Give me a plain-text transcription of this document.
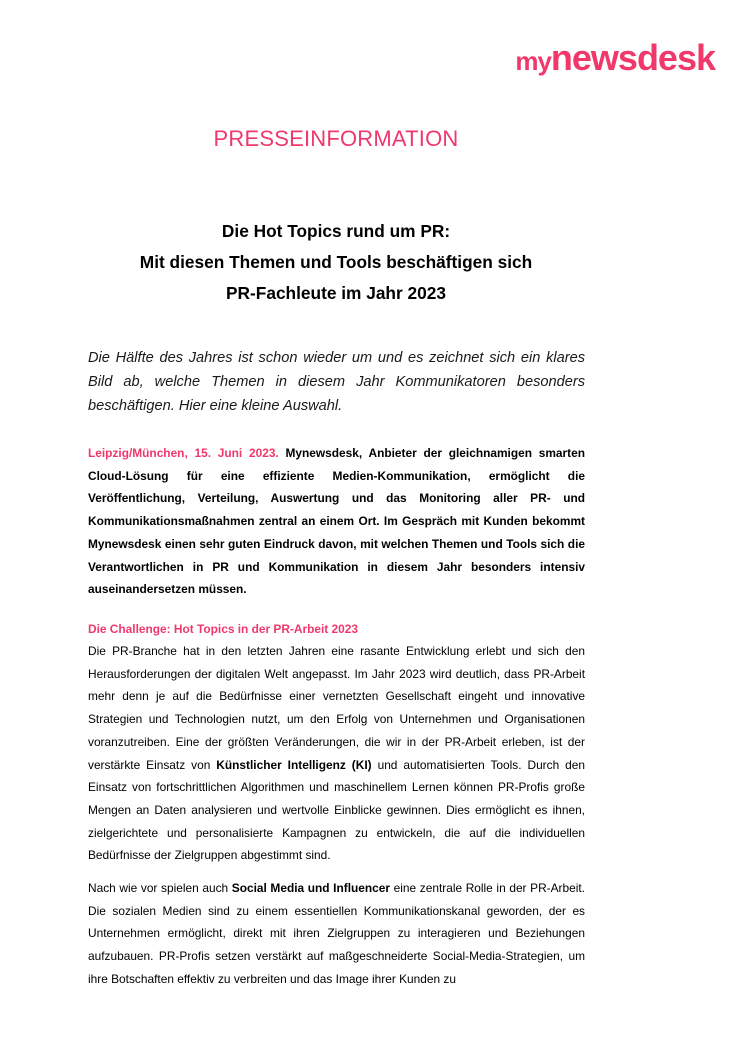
mynewsdesk
PRESSEINFORMATION
Die Hot Topics rund um PR:
Mit diesen Themen und Tools beschäftigen sich
PR-Fachleute im Jahr 2023
Die Hälfte des Jahres ist schon wieder um und es zeichnet sich ein klares Bild ab, welche Themen in diesem Jahr Kommunikatoren besonders beschäftigen. Hier eine kleine Auswahl.
Leipzig/München, 15. Juni 2023. Mynewsdesk, Anbieter der gleichnamigen smarten Cloud-Lösung für eine effiziente Medien-Kommunikation, ermöglicht die Veröffentlichung, Verteilung, Auswertung und das Monitoring aller PR- und Kommunikationsmaßnahmen zentral an einem Ort. Im Gespräch mit Kunden bekommt Mynewsdesk einen sehr guten Eindruck davon, mit welchen Themen und Tools sich die Verantwortlichen in PR und Kommunikation in diesem Jahr besonders intensiv auseinandersetzen müssen.
Die Challenge: Hot Topics in der PR-Arbeit 2023
Die PR-Branche hat in den letzten Jahren eine rasante Entwicklung erlebt und sich den Herausforderungen der digitalen Welt angepasst. Im Jahr 2023 wird deutlich, dass PR-Arbeit mehr denn je auf die Bedürfnisse einer vernetzten Gesellschaft eingeht und innovative Strategien und Technologien nutzt, um den Erfolg von Unternehmen und Organisationen voranzutreiben. Eine der größten Veränderungen, die wir in der PR-Arbeit erleben, ist der verstärkte Einsatz von Künstlicher Intelligenz (KI) und automatisierten Tools. Durch den Einsatz von fortschrittlichen Algorithmen und maschinellem Lernen können PR-Profis große Mengen an Daten analysieren und wertvolle Einblicke gewinnen. Dies ermöglicht es ihnen, zielgerichtete und personalisierte Kampagnen zu entwickeln, die auf die individuellen Bedürfnisse der Zielgruppen abgestimmt sind.
Nach wie vor spielen auch Social Media und Influencer eine zentrale Rolle in der PR-Arbeit. Die sozialen Medien sind zu einem essentiellen Kommunikationskanal geworden, der es Unternehmen ermöglicht, direkt mit ihren Zielgruppen zu interagieren und Beziehungen aufzubauen. PR-Profis setzen verstärkt auf maßgeschneiderte Social-Media-Strategien, um ihre Botschaften effektiv zu verbreiten und das Image ihrer Kunden zu
